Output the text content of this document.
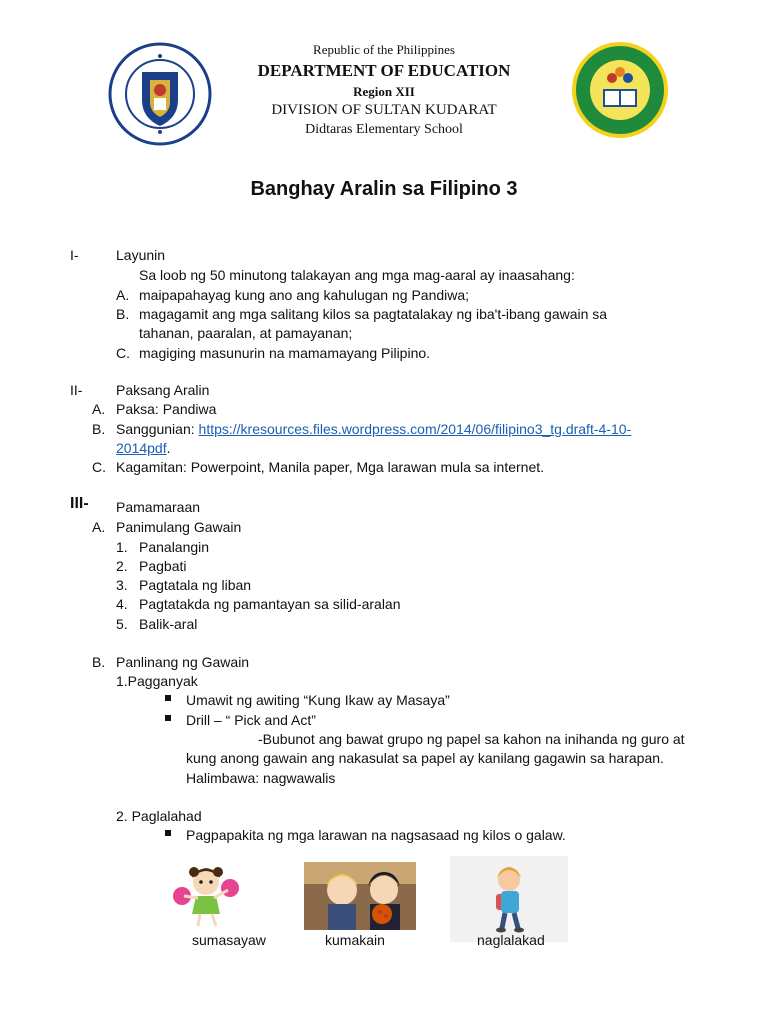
Republic of the Philippines
DEPARTMENT OF EDUCATION
Region XII
DIVISION OF SULTAN KUDARAT
Didtaras Elementary School
Banghay Aralin sa Filipino 3
I-	Layunin
Sa loob ng 50 minutong talakayan ang mga mag-aaral ay inaasahang:
A. maipapahayag kung ano ang kahulugan ng Pandiwa;
B. magagamit ang mga salitang kilos sa pagtatalakay ng iba't-ibang gawain sa
tahanan, paaralan, at pamayanan;
C. magiging masunurin na mamamayang Pilipino.
II- Paksang Aralin
A. Paksa: Pandiwa
B. Sanggunian: https://kresources.files.wordpress.com/2014/06/filipino3_tg.draft-4-10-
2014pdf.
C. Kagamitan: Powerpoint, Manila paper, Mga larawan mula sa internet.
III- Pamamaraan
A. Panimulang Gawain
1. Panalangin
2. Pagbati
3. Pagtatala ng liban
4. Pagtatakda ng pamantayan sa silid-aralan
5. Balik-aral
B. Panlinang ng Gawain
1.Pagganyak
Umawit ng awiting “Kung Ikaw ay Masaya”
Drill – “ Pick and Act”
-Bubunot ang bawat grupo ng papel sa kahon na inihanda ng guro at
kung anong gawain ang nakasulat sa papel ay kanilang gagawin sa harapan.
Halimbawa: nagwawalis
2. Paglalahad
Pagpapakita ng mga larawan na nagsasaad ng kilos o galaw.
sumasayaw	kumakain	naglalakad
